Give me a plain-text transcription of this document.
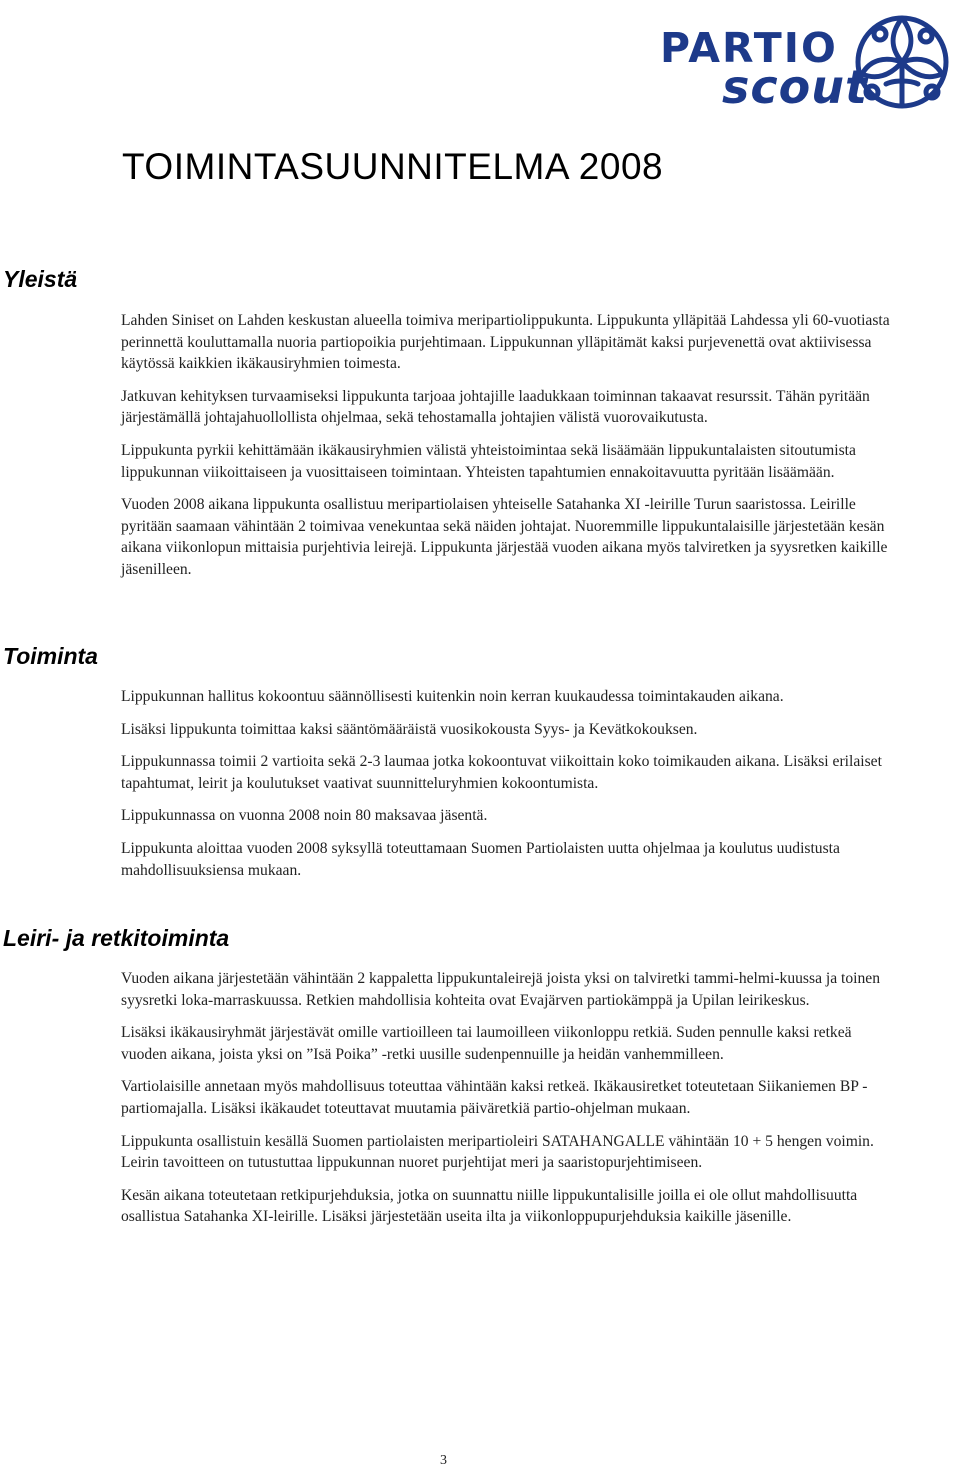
PARTIO
scout
TOIMINTASUUNNITELMA 2008
Yleistä

Lahden Siniset on Lahden keskustan alueella toimiva meripartiolippukunta. Lippukunta ylläpitää Lahdessa yli 60-vuotiasta perinnettä kouluttamalla nuoria partiopoikia purjehtimaan. Lippukunnan ylläpitämät kaksi purjevenettä ovat aktiivisessa käytössä kaikkien ikäkausiryhmien toimesta.

Jatkuvan kehityksen turvaamiseksi lippukunta tarjoaa johtajille laadukkaan toiminnan takaavat resurssit. Tähän pyritään järjestämällä johtajahuollollista ohjelmaa, sekä tehostamalla johtajien välistä vuorovaikutusta.

Lippukunta pyrkii kehittämään ikäkausiryhmien välistä yhteistoimintaa sekä lisäämään lippukuntalaisten sitoutumista lippukunnan viikoittaiseen ja vuosittaiseen toimintaan. Yhteisten tapahtumien ennakoitavuutta pyritään lisäämään.

Vuoden 2008 aikana lippukunta osallistuu meripartiolaisen yhteiselle Satahanka XI -leirille Turun saaristossa. Leirille pyritään saamaan vähintään 2 toimivaa venekuntaa sekä näiden johtajat. Nuoremmille lippukuntalaisille järjestetään kesän aikana viikonlopun mittaisia purjehtivia leirejä. Lippukunta järjestää vuoden aikana myös talviretken ja syysretken kaikille jäsenilleen.

Toiminta

Lippukunnan hallitus kokoontuu säännöllisesti kuitenkin noin kerran kuukaudessa toimintakauden aikana.

Lisäksi lippukunta toimittaa kaksi sääntömääräistä vuosikokousta Syys- ja Kevätkokouksen.

Lippukunnassa toimii 2 vartioita sekä 2-3 laumaa jotka kokoontuvat viikoittain koko toimikauden aikana. Lisäksi erilaiset tapahtumat, leirit ja koulutukset vaativat suunnitteluryhmien kokoontumista.

Lippukunnassa on vuonna 2008 noin 80 maksavaa jäsentä.

Lippukunta aloittaa vuoden 2008 syksyllä toteuttamaan Suomen Partiolaisten uutta ohjelmaa ja koulutus uudistusta mahdollisuuksiensa mukaan.

Leiri- ja retkitoiminta

Vuoden aikana järjestetään vähintään 2 kappaletta lippukuntaleirejä joista yksi on talviretki tammi-helmi-kuussa ja toinen syysretki loka-marraskuussa. Retkien mahdollisia kohteita ovat Evajärven partiokämppä ja Upilan leirikeskus.

Lisäksi ikäkausiryhmät järjestävät omille vartioilleen tai laumoilleen viikonloppu retkiä. Suden pennulle kaksi retkeä vuoden aikana, joista yksi on ”Isä Poika” -retki uusille sudenpennuille ja heidän vanhemmilleen.

Vartiolaisille annetaan myös mahdollisuus toteuttaa vähintään kaksi retkeä. Ikäkausiretket toteutetaan Siikaniemen BP -partiomajalla. Lisäksi ikäkaudet toteuttavat muutamia päiväretkiä partio-ohjelman mukaan.

Lippukunta osallistuin kesällä Suomen partiolaisten meripartioleiri SATAHANGALLE vähintään 10 + 5 hengen voimin. Leirin tavoitteen on tutustuttaa lippukunnan nuoret purjehtijat meri ja saaristopurjehtimiseen.

Kesän aikana toteutetaan retkipurjehduksia, jotka on suunnattu niille lippukuntalisille joilla ei ole ollut mahdollisuutta osallistua Satahanka XI-leirille. Lisäksi järjestetään useita ilta ja viikonloppupurjehduksia kaikille jäsenille.

3
